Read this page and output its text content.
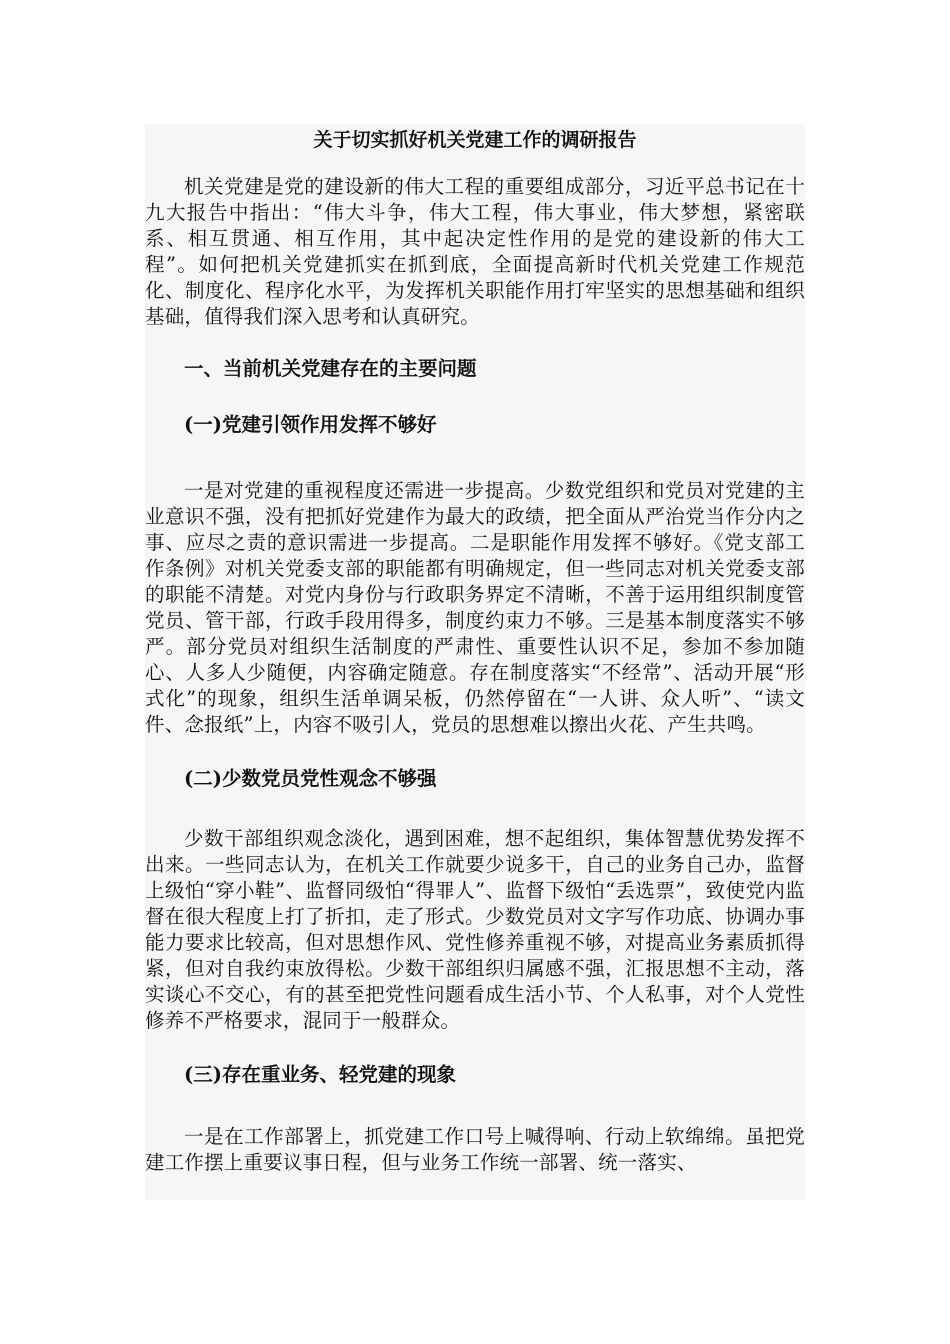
关于切实抓好机关党建工作的调研报告

机关党建是党的建设新的伟大工程的重要组成部分，习近平总书记在十九大报告中指出：“伟大斗争，伟大工程，伟大事业，伟大梦想，紧密联系、相互贯通、相互作用，其中起决定性作用的是党的建设新的伟大工程”。如何把机关党建抓实在抓到底，全面提高新时代机关党建工作规范化、制度化、程序化水平，为发挥机关职能作用打牢坚实的思想基础和组织基础，值得我们深入思考和认真研究。

一、当前机关党建存在的主要问题
(一)党建引领作用发挥不够好

一是对党建的重视程度还需进一步提高。少数党组织和党员对党建的主业意识不强，没有把抓好党建作为最大的政绩，把全面从严治党当作分内之事、应尽之责的意识需进一步提高。二是职能作用发挥不够好。《党支部工作条例》对机关党委支部的职能都有明确规定，但一些同志对机关党委支部的职能不清楚。对党内身份与行政职务界定不清晰，不善于运用组织制度管党员、管干部，行政手段用得多，制度约束力不够。三是基本制度落实不够严。部分党员对组织生活制度的严肃性、重要性认识不足，参加不参加随心、人多人少随便，内容确定随意。存在制度落实“不经常”、活动开展“形式化”的现象，组织生活单调呆板，仍然停留在“一人讲、众人听”、“读文件、念报纸”上，内容不吸引人，党员的思想难以擦出火花、产生共鸣。

(二)少数党员党性观念不够强

少数干部组织观念淡化，遇到困难，想不起组织，集体智慧优势发挥不出来。一些同志认为，在机关工作就要少说多干，自己的业务自己办，监督上级怕“穿小鞋”、监督同级怕“得罪人”、监督下级怕“丢选票”，致使党内监督在很大程度上打了折扣，走了形式。少数党员对文字写作功底、协调办事能力要求比较高，但对思想作风、党性修养重视不够，对提高业务素质抓得紧，但对自我约束放得松。少数干部组织归属感不强，汇报思想不主动，落实谈心不交心，有的甚至把党性问题看成生活小节、个人私事，对个人党性修养不严格要求，混同于一般群众。

(三)存在重业务、轻党建的现象

一是在工作部署上，抓党建工作口号上喊得响、行动上软绵绵。虽把党建工作摆上重要议事日程，但与业务工作统一部署、统一落实、
